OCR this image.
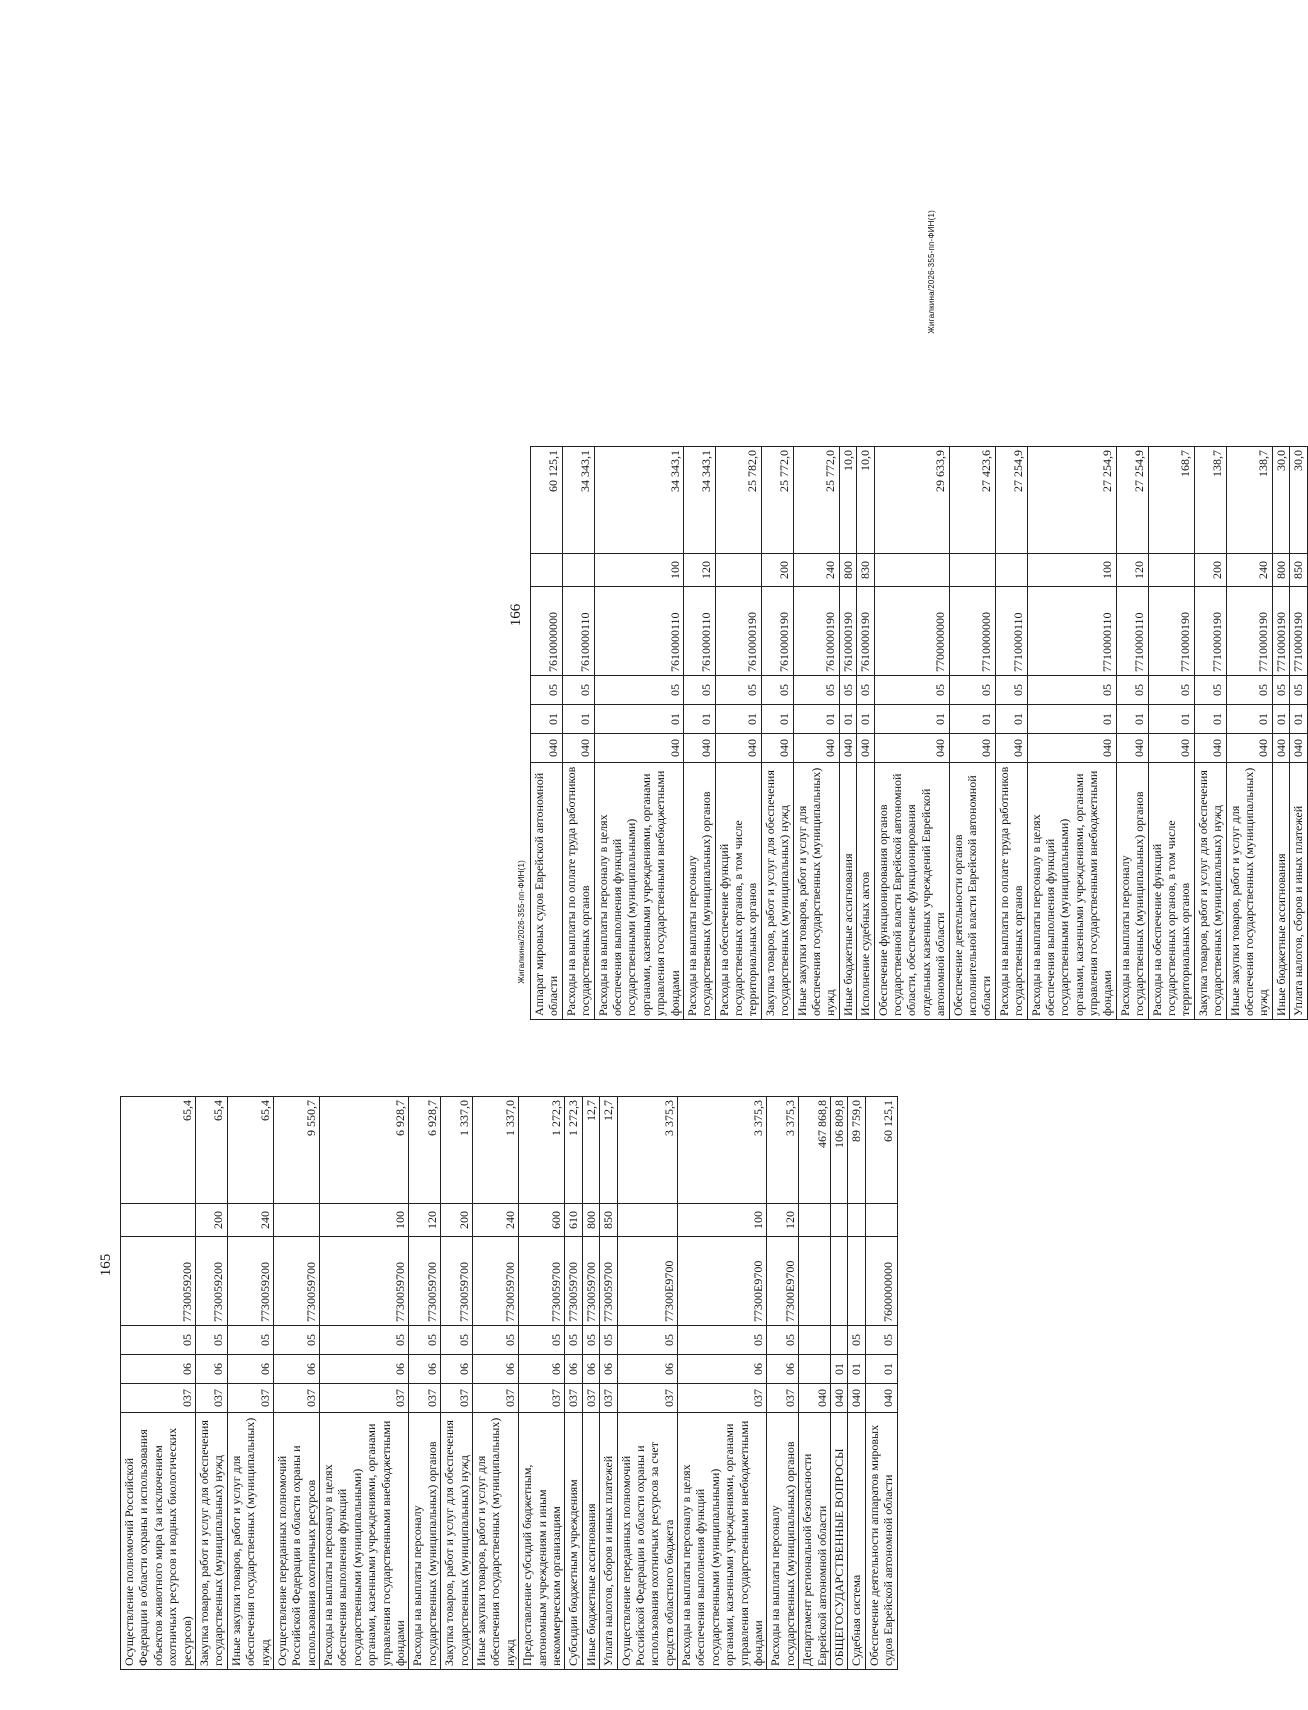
165
Осуществление полномочий Российской Федерации в области охраны и использования объектов животного мира (за исключением охотничьих ресурсов и водных биологических ресурсов)	037	06	05	7730059200		65,4
Закупка товаров, работ и услуг для обеспечения государственных (муниципальных) нужд	037	06	05	7730059200	200	65,4
Иные закупки товаров, работ и услуг для обеспечения государственных (муниципальных) нужд	037	06	05	7730059200	240	65,4
Осуществление переданных полномочий Российской Федерации в области охраны и использования охотничьих ресурсов	037	06	05	7730059700		9 550,7
Расходы на выплаты персоналу в целях обеспечения выполнения функций государственными (муниципальными) органами, казенными учреждениями, органами управления государственными внебюджетными фондами	037	06	05	7730059700	100	6 928,7
Расходы на выплаты персоналу государственных (муниципальных) органов	037	06	05	7730059700	120	6 928,7
Закупка товаров, работ и услуг для обеспечения государственных (муниципальных) нужд	037	06	05	7730059700	200	1 337,0
Иные закупки товаров, работ и услуг для обеспечения государственных (муниципальных) нужд	037	06	05	7730059700	240	1 337,0
Предоставление субсидий бюджетным, автономным учреждениям и иным некоммерческим организациям	037	06	05	7730059700	600	1 272,3
Субсидии бюджетным учреждениям	037	06	05	7730059700	610	1 272,3
Иные бюджетные ассигнования	037	06	05	7730059700	800	12,7
Уплата налогов, сборов и иных платежей	037	06	05	7730059700	850	12,7
Осуществление переданных полномочий Российской Федерации в области охраны и использования охотничьих ресурсов за счет средств областного бюджета	037	06	05	77300E9700		3 375,3
Расходы на выплаты персоналу в целях обеспечения выполнения функций государственными (муниципальными) органами, казенными учреждениями, органами управления государственными внебюджетными фондами	037	06	05	77300E9700	100	3 375,3
Расходы на выплаты персоналу государственных (муниципальных) органов	037	06	05	77300E9700	120	3 375,3
Департамент региональной безопасности Еврейской автономной области	040					467 868,8
ОБЩЕГОСУДАРСТВЕННЫЕ ВОПРОСЫ	040	01				106 809,8
Судебная система	040	01	05			89 759,0
Обеспечение деятельности аппаратов мировых судов Еврейской автономной области	040	01	05	7600000000		60 125,1
Жигалкина/2026-355-пп-ФИН(1)
166
Аппарат мировых судов Еврейской автономной области	040	01	05	7610000000		60 125,1
Расходы на выплаты по оплате труда работников государственных органов	040	01	05	7610000110		34 343,1
Расходы на выплаты персоналу в целях обеспечения выполнения функций государственными (муниципальными) органами, казенными учреждениями, органами управления государственными внебюджетными фондами	040	01	05	7610000110	100	34 343,1
Расходы на выплаты персоналу государственных (муниципальных) органов	040	01	05	7610000110	120	34 343,1
Расходы на обеспечение функций государственных органов, в том числе территориальных органов	040	01	05	7610000190		25 782,0
Закупка товаров, работ и услуг для обеспечения государственных (муниципальных) нужд	040	01	05	7610000190	200	25 772,0
Иные закупки товаров, работ и услуг для обеспечения государственных (муниципальных) нужд	040	01	05	7610000190	240	25 772,0
Иные бюджетные ассигнования	040	01	05	7610000190	800	10,0
Исполнение судебных актов	040	01	05	7610000190	830	10,0
Обеспечение функционирования органов государственной власти Еврейской автономной области, обеспечение функционирования отдельных казенных учреждений Еврейской автономной области	040	01	05	7700000000		29 633,9
Обеспечение деятельности органов исполнительной власти Еврейской автономной области	040	01	05	7710000000		27 423,6
Расходы на выплаты по оплате труда работников государственных органов	040	01	05	7710000110		27 254,9
Расходы на выплаты персоналу в целях обеспечения выполнения функций государственными (муниципальными) органами, казенными учреждениями, органами управления государственными внебюджетными фондами	040	01	05	7710000110	100	27 254,9
Расходы на выплаты персоналу государственных (муниципальных) органов	040	01	05	7710000110	120	27 254,9
Расходы на обеспечение функций государственных органов, в том числе территориальных органов	040	01	05	7710000190		168,7
Закупка товаров, работ и услуг для обеспечения государственных (муниципальных) нужд	040	01	05	7710000190	200	138,7
Иные закупки товаров, работ и услуг для обеспечения государственных (муниципальных) нужд	040	01	05	7710000190	240	138,7
Иные бюджетные ассигнования	040	01	05	7710000190	800	30,0
Уплата налогов, сборов и иных платежей	040	01	05	7710000190	850	30,0
Жигалкина/2026-355-пп-ФИН(1)
